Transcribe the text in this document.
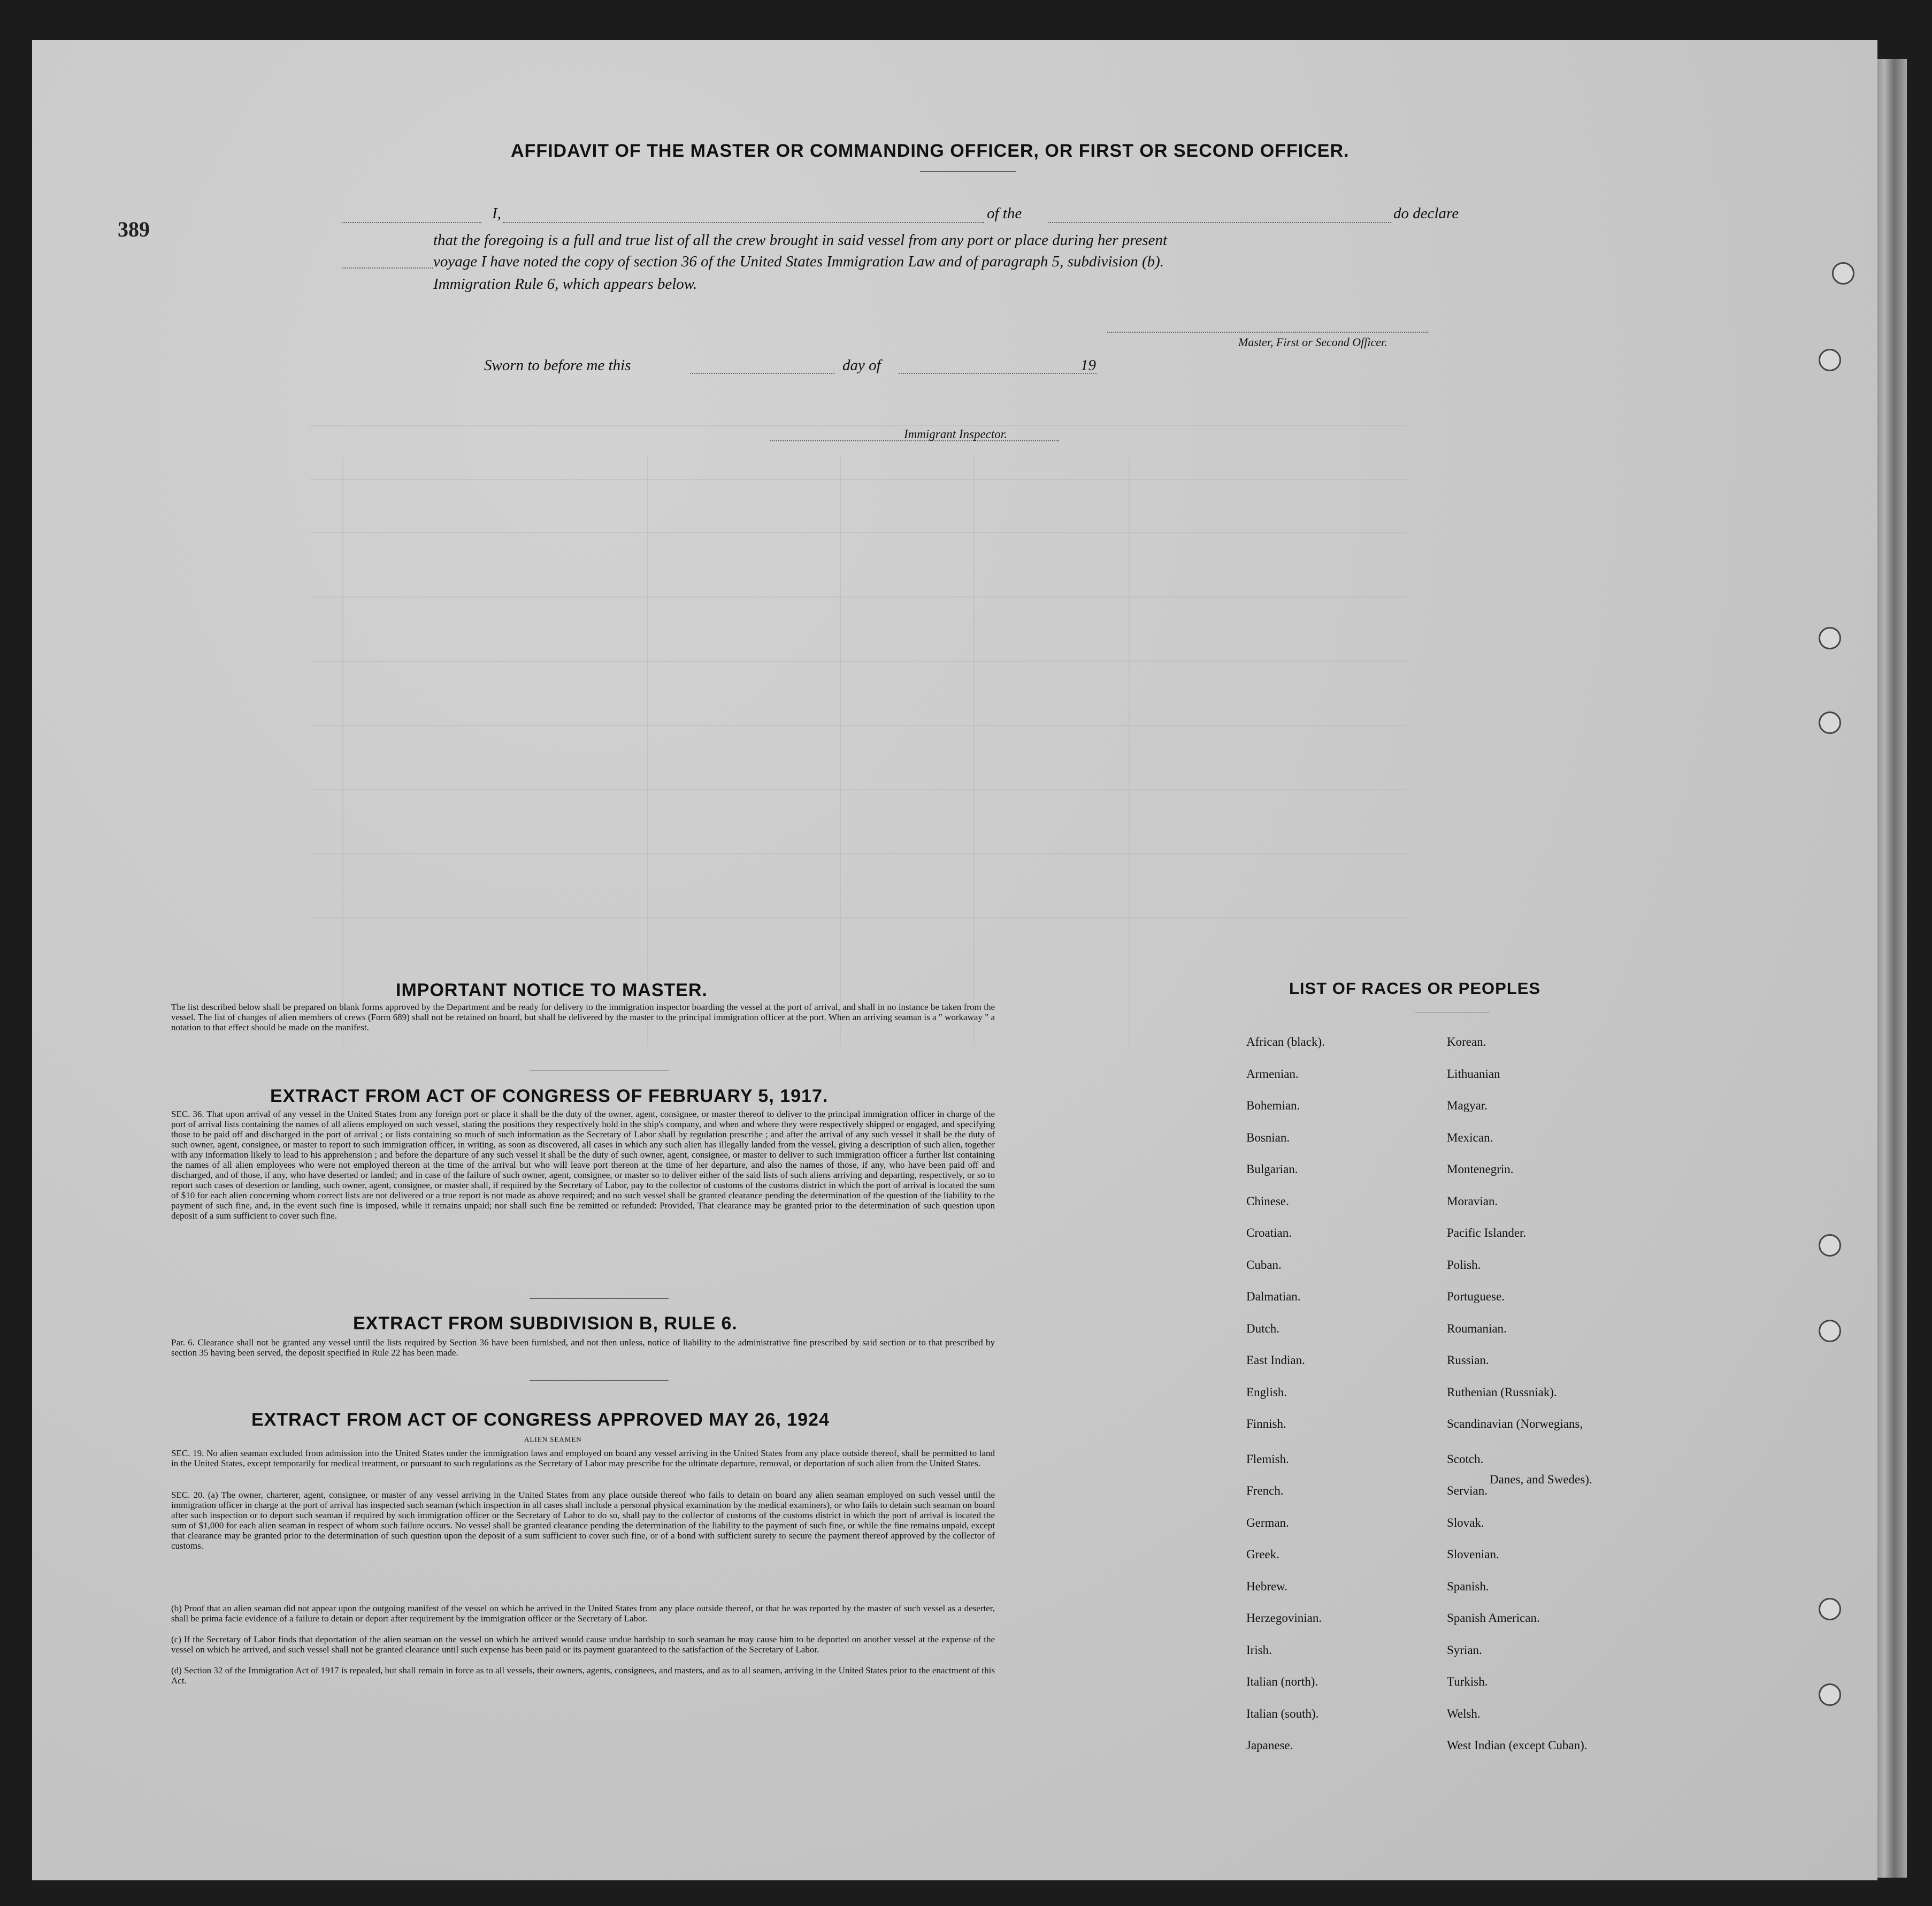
389
AFFIDAVIT OF THE MASTER OR COMMANDING OFFICER, OR FIRST OR SECOND OFFICER.
I,	of the	do declare
that the foregoing is a full and true list of all the crew brought in said vessel from any port or place during her present
voyage I have noted the copy of section 36 of the United States Immigration Law and of paragraph 5, subdivision (b).
Immigration Rule 6, which appears below.
Master, First or Second Officer.
Sworn to before me this	day of	19
Immigrant Inspector.
IMPORTANT NOTICE TO MASTER.
The list described below shall be prepared on blank forms approved by the Department and be ready for delivery to the immigration inspector boarding the vessel at the port of arrival, and shall in no instance be taken from the vessel. The list of changes of alien members of crews (Form 689) shall not be retained on board, but shall be delivered by the master to the principal immigration officer at the port. When an arriving seaman is a " workaway " a notation to that effect should be made on the manifest.
EXTRACT FROM ACT OF CONGRESS OF FEBRUARY 5, 1917.
SEC. 36. That upon arrival of any vessel in the United States from any foreign port or place it shall be the duty of the owner, agent, consignee, or master thereof to deliver to the principal immigration officer in charge of the port of arrival lists containing the names of all aliens employed on such vessel, stating the positions they respectively hold in the ship's company, and when and where they were respectively shipped or engaged, and specifying those to be paid off and discharged in the port of arrival ; or lists containing so much of such information as the Secretary of Labor shall by regulation prescribe ; and after the arrival of any such vessel it shall be the duty of such owner, agent, consignee, or master to report to such immigration officer, in writing, as soon as discovered, all cases in which any such alien has illegally landed from the vessel, giving a description of such alien, together with any information likely to lead to his apprehension ; and before the departure of any such vessel it shall be the duty of such owner, agent, consignee, or master to deliver to such immigration officer a further list containing the names of all alien employees who were not employed thereon at the time of the arrival but who will leave port thereon at the time of her departure, and also the names of those, if any, who have been paid off and discharged, and of those, if any, who have deserted or landed; and in case of the failure of such owner, agent, consignee, or master so to deliver either of the said lists of such aliens arriving and departing, respectively, or so to report such cases of desertion or landing, such owner, agent, consignee, or master shall, if required by the Secretary of Labor, pay to the collector of customs of the customs district in which the port of arrival is located the sum of $10 for each alien concerning whom correct lists are not delivered or a true report is not made as above required; and no such vessel shall be granted clearance pending the determination of the question of the liability to the payment of such fine, and, in the event such fine is imposed, while it remains unpaid; nor shall such fine be remitted or refunded: Provided, That clearance may be granted prior to the determination of such question upon deposit of a sum sufficient to cover such fine.
EXTRACT FROM SUBDIVISION B, RULE 6.
Par. 6. Clearance shall not be granted any vessel until the lists required by Section 36 have been furnished, and not then unless, notice of liability to the administrative fine prescribed by said section or to that prescribed by section 35 having been served, the deposit specified in Rule 22 has been made.
EXTRACT FROM ACT OF CONGRESS APPROVED MAY 26, 1924
ALIEN SEAMEN
SEC. 19. No alien seaman excluded from admission into the United States under the immigration laws and employed on board any vessel arriving in the United States from any place outside thereof, shall be permitted to land in the United States, except temporarily for medical treatment, or pursuant to such regulations as the Secretary of Labor may prescribe for the ultimate departure, removal, or deportation of such alien from the United States.
SEC. 20. (a) The owner, charterer, agent, consignee, or master of any vessel arriving in the United States from any place outside thereof who fails to detain on board any alien seaman employed on such vessel until the immigration officer in charge at the port of arrival has inspected such seaman (which inspection in all cases shall include a personal physical examination by the medical examiners), or who fails to detain such seaman on board after such inspection or to deport such seaman if required by such immigration officer or the Secretary of Labor to do so, shall pay to the collector of customs of the customs district in which the port of arrival is located the sum of $1,000 for each alien seaman in respect of whom such failure occurs. No vessel shall be granted clearance pending the determination of the liability to the payment of such fine, or while the fine remains unpaid, except that clearance may be granted prior to the determination of such question upon the deposit of a sum sufficient to cover such fine, or of a bond with sufficient surety to secure the payment thereof approved by the collector of customs.
(b) Proof that an alien seaman did not appear upon the outgoing manifest of the vessel on which he arrived in the United States from any place outside thereof, or that he was reported by the master of such vessel as a deserter, shall be prima facie evidence of a failure to detain or deport after requirement by the immigration officer or the Secretary of Labor.
(c) If the Secretary of Labor finds that deportation of the alien seaman on the vessel on which he arrived would cause undue hardship to such seaman he may cause him to be deported on another vessel at the expense of the vessel on which he arrived, and such vessel shall not be granted clearance until such expense has been paid or its payment guaranteed to the satisfaction of the Secretary of Labor.
(d) Section 32 of the Immigration Act of 1917 is repealed, but shall remain in force as to all vessels, their owners, agents, consignees, and masters, and as to all seamen, arriving in the United States prior to the enactment of this Act.
LIST OF RACES OR PEOPLES
Danes, and Swedes).
African (black).
Armenian.
Bohemian.
Bosnian.
Bulgarian.
Chinese.
Croatian.
Cuban.
Dalmatian.
Dutch.
East Indian.
English.
Finnish.
Flemish.
French.
German.
Greek.
Hebrew.
Herzegovinian.
Irish.
Italian (north).
Italian (south).
Japanese.
Korean.
Lithuanian
Magyar.
Mexican.
Montenegrin.
Moravian.
Pacific Islander.
Polish.
Portuguese.
Roumanian.
Russian.
Ruthenian (Russniak).
Scandinavian (Norwegians,
Scotch.
Servian.
Slovak.
Slovenian.
Spanish.
Spanish American.
Syrian.
Turkish.
Welsh.
West Indian (except Cuban).
